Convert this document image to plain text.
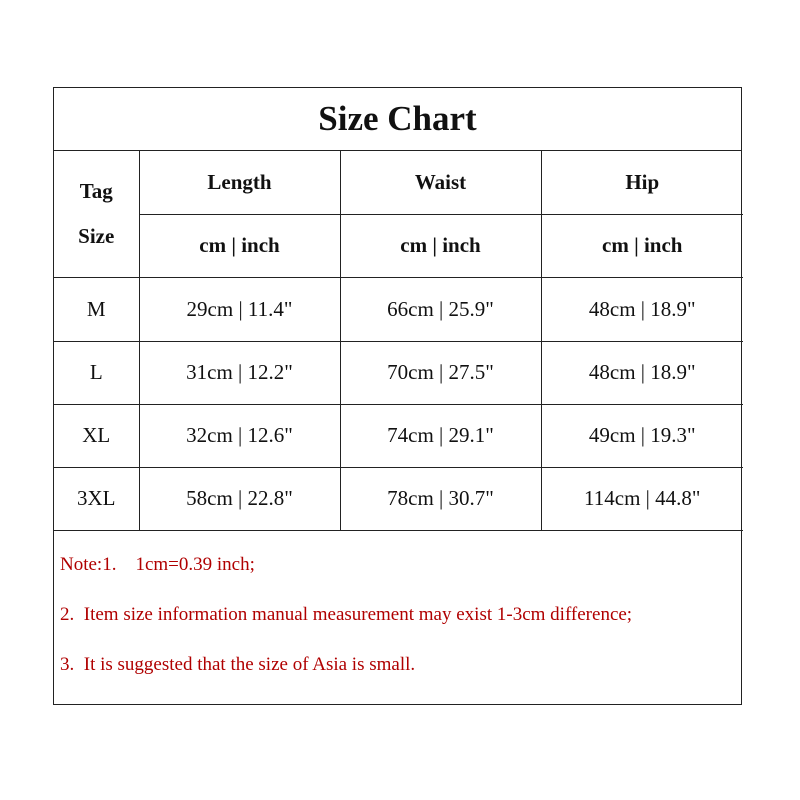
Size Chart
Tag
Size	Length	Waist	Hip
	cm | inch	cm | inch	cm | inch
M	29cm | 11.4"	66cm | 25.9"	48cm | 18.9"
L	31cm | 12.2"	70cm | 27.5"	48cm | 18.9"
XL	32cm | 12.6"	74cm | 29.1"	49cm | 19.3"
3XL	58cm | 22.8"	78cm | 30.7"	114cm | 44.8"
Note:1.    1cm=0.39 inch;
2.  Item size information manual measurement may exist 1-3cm difference;
3.  It is suggested that the size of Asia is small.
